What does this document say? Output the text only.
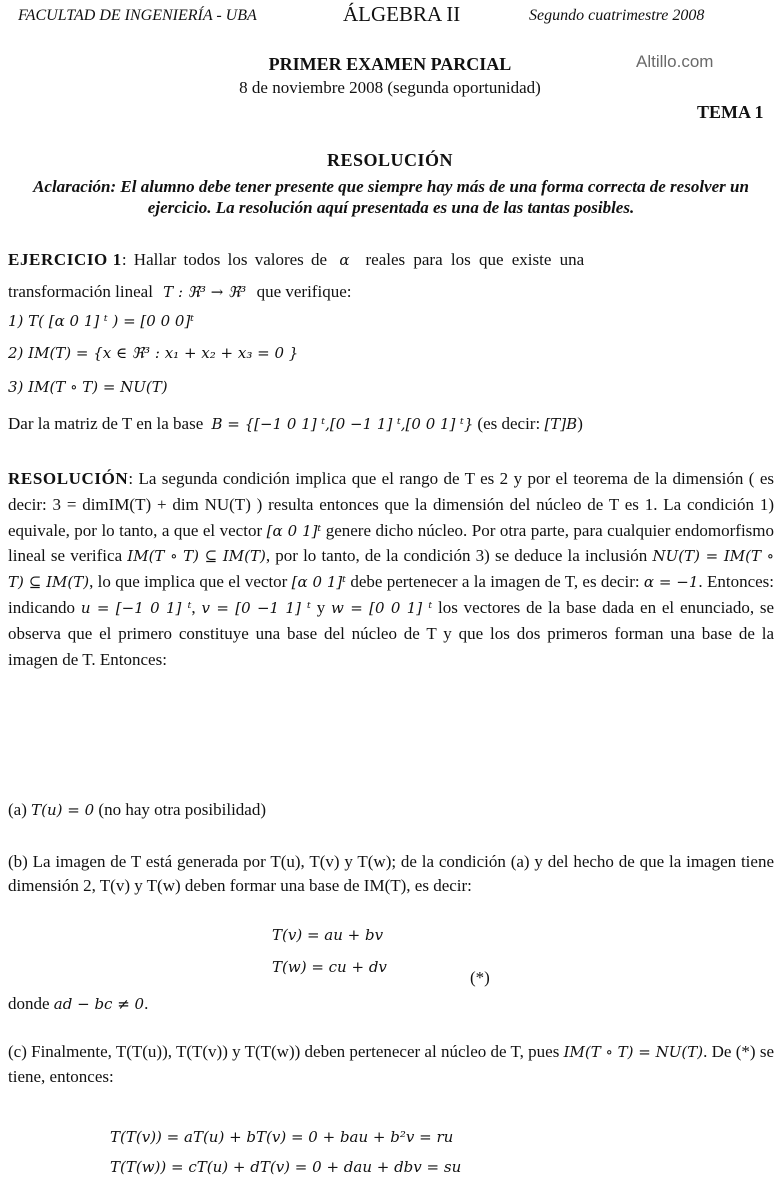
FACULTAD DE INGENIERÍA - UBA	ÁLGEBRA II	Segundo cuatrimestre 2008
Altillo.com
PRIMER EXAMEN PARCIAL
8 de noviembre 2008 (segunda oportunidad)
TEMA 1
RESOLUCIÓN
Aclaración: El alumno debe tener presente que siempre hay más de una forma correcta de resolver un ejercicio. La resolución aquí presentada es una de las tantas posibles.
EJERCICIO 1: Hallar todos los valores de α reales para los que existe una
transformación lineal T : ℜ³ → ℜ³ que verifique:
1) T( [α 0 1] ᵗ ) = [0 0 0]ᵗ
2) IM(T) = {x ∈ ℜ³ : x₁ + x₂ + x₃ = 0 }
3) IM(T ∘ T) = NU(T)
Dar la matriz de T en la base B = {[−1 0 1] ᵗ,[0 −1 1] ᵗ,[0 0 1] ᵗ} (es decir: [T]B)
RESOLUCIÓN: La segunda condición implica que el rango de T es 2 y por el teorema de la dimensión ( es decir: 3 = dimIM(T) + dim NU(T) ) resulta entonces que la dimensión del núcleo de T es 1. La condición 1) equivale, por lo tanto, a que el vector [α 0 1]ᵗ genere dicho núcleo. Por otra parte, para cualquier endomorfismo lineal se verifica IM(T ∘ T) ⊆ IM(T), por lo tanto, de la condición 3) se deduce la inclusión NU(T) = IM(T ∘ T) ⊆ IM(T), lo que implica que el vector [α 0 1]ᵗ debe pertenecer a la imagen de T, es decir: α = −1. Entonces: indicando u = [−1 0 1] ᵗ, v = [0 −1 1] ᵗ y w = [0 0 1] ᵗ los vectores de la base dada en el enunciado, se observa que el primero constituye una base del núcleo de T y que los dos primeros forman una base de la imagen de T. Entonces:
(a) T(u) = 0 (no hay otra posibilidad)
(b) La imagen de T está generada por T(u), T(v) y T(w); de la condición (a) y del hecho de que la imagen tiene dimensión 2, T(v) y T(w) deben formar una base de IM(T), es decir:
T(v) = au + bv
T(w) = cu + dv
(*)
donde ad − bc ≠ 0.
(c) Finalmente, T(T(u)), T(T(v)) y T(T(w)) deben pertenecer al núcleo de T, pues IM(T ∘ T) = NU(T). De (*) se tiene, entonces:
T(T(v)) = aT(u) + bT(v) = 0 + bau + b²v = ru
T(T(w)) = cT(u) + dT(v) = 0 + dau + dbv = su
